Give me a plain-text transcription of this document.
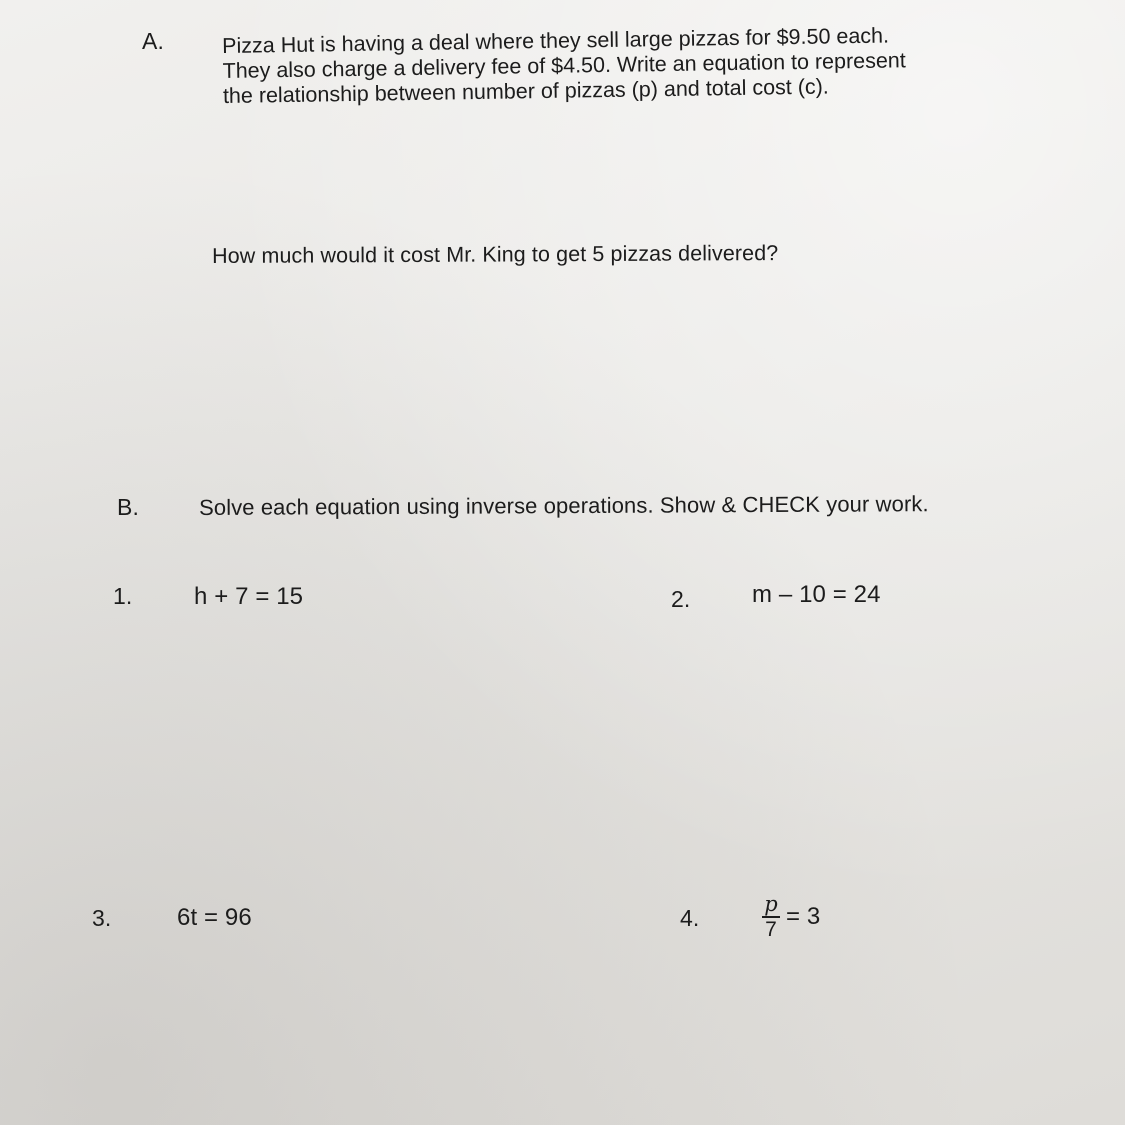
A.	Pizza Hut is having a deal where they sell large pizzas for $9.50 each.
They also charge a delivery fee of $4.50. Write an equation to represent
the relationship between number of pizzas (p) and total cost (c).
How much would it cost Mr. King to get 5 pizzas delivered?
B.	Solve each equation using inverse operations. Show & CHECK your work.
1.	h + 7 = 15	2.	m – 10 = 24
3.	6t = 96	4.
p
7 = 3
